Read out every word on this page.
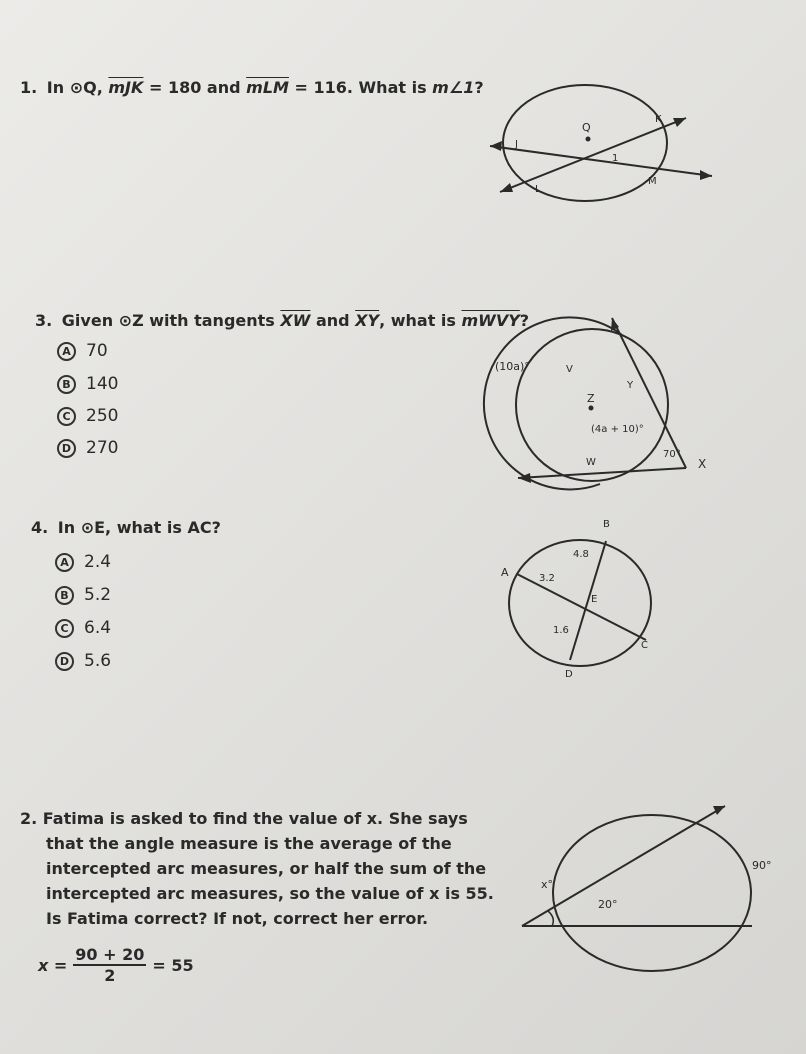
1. In ⊙Q, $\overline{mJK} = 180$ and $\overline{mLM} = 116$. What is m∠1?
Q
J
K
L
M
1
(10a)°	V
Y
Z
(4a + 10)°
W
70°
X
B
4.8
A	3.2
E
1.6
C
D
x°
90°
20°
3. Given ⊙Z with tangents $\overline{XW}$ and $\overline{XY}$, what is mWVY?
A 70
B 140
C 250
D 270
4. In ⊙E, what is AC?
A 2.4
B 5.2
C 6.4
D 5.6
2. Fatima is asked to find the value of x. She says
that the angle measure is the average of the
intercepted arc measures, or half the sum of the
intercepted arc measures, so the value of x is 55.
Is Fatima correct? If not, correct her error.
$x = \frac{90 + 20}{2} = 55$
